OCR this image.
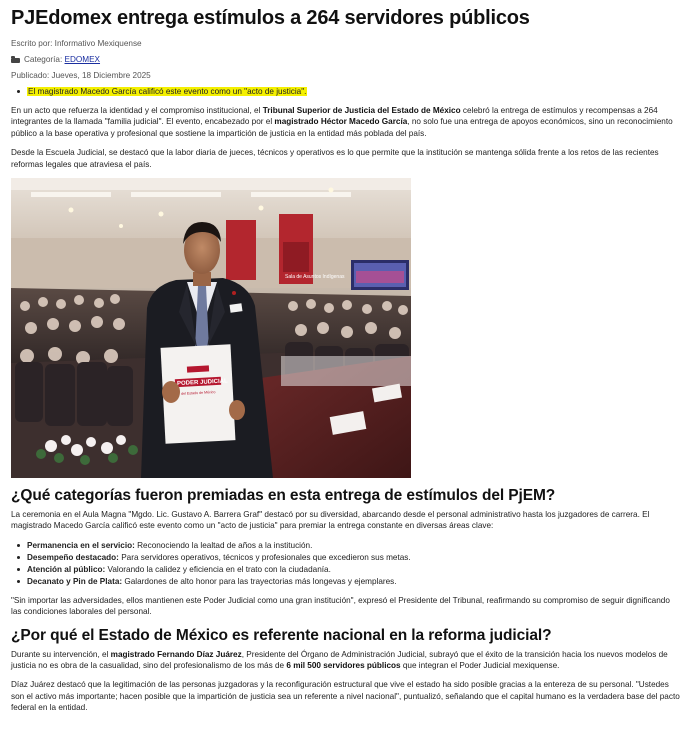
PJEdomex entrega estímulos a 264 servidores públicos
Escrito por: Informativo Mexiquense
Categoría:
EDOMEX
Publicado: Jueves, 18 Diciembre 2025
El magistrado Macedo García calificó este evento como un "acto de justicia".

En un acto que refuerza la identidad y el compromiso institucional, el Tribunal Superior de Justicia del Estado de México celebró la entrega de estímulos y recompensas a 264 integrantes de la llamada "familia judicial". El evento, encabezado por el magistrado Héctor Macedo García, no solo fue una entrega de apoyos económicos, sino un reconocimiento público a la base operativa y profesional que sostiene la impartición de justicia en la entidad más poblada del país.

Desde la Escuela Judicial, se destacó que la labor diaria de jueces, técnicos y operativos es lo que permite que la institución se mantenga sólida frente a los retos de las recientes reformas legales que atraviesa el país.

Sala de Asuntos Indígenas
PODER JUDICIAL
del Estado de México
¿Qué categorías fueron premiadas en esta entrega de estímulos del PjEM?

La ceremonia en el Aula Magna "Mgdo. Lic. Gustavo A. Barrera Graf" destacó por su diversidad, abarcando desde el personal administrativo hasta los juzgadores de carrera. El magistrado Macedo García calificó este evento como un "acto de justicia" para premiar la entrega constante en diversas áreas clave:

Permanencia en el servicio: Reconociendo la lealtad de años a la institución.
Desempeño destacado: Para servidores operativos, técnicos y profesionales que excedieron sus metas.
Atención al público: Valorando la calidez y eficiencia en el trato con la ciudadanía.
Decanato y Pin de Plata: Galardones de alto honor para las trayectorias más longevas y ejemplares.

"Sin importar las adversidades, ellos mantienen este Poder Judicial como una gran institución", expresó el Presidente del Tribunal, reafirmando su compromiso de seguir dignificando las condiciones laborales del personal.

¿Por qué el Estado de México es referente nacional en la reforma judicial?

Durante su intervención, el magistrado Fernando Díaz Juárez, Presidente del Órgano de Administración Judicial, subrayó que el éxito de la transición hacia los nuevos modelos de justicia no es obra de la casualidad, sino del profesionalismo de los más de 6 mil 500 servidores públicos que integran el Poder Judicial mexiquense.

Díaz Juárez destacó que la legitimación de las personas juzgadoras y la reconfiguración estructural que vive el estado ha sido posible gracias a la entereza de su personal. "Ustedes son el activo más importante; hacen posible que la impartición de justicia sea un referente a nivel nacional", puntualizó, señalando que el capital humano es la verdadera base del pacto federal en la entidad.
